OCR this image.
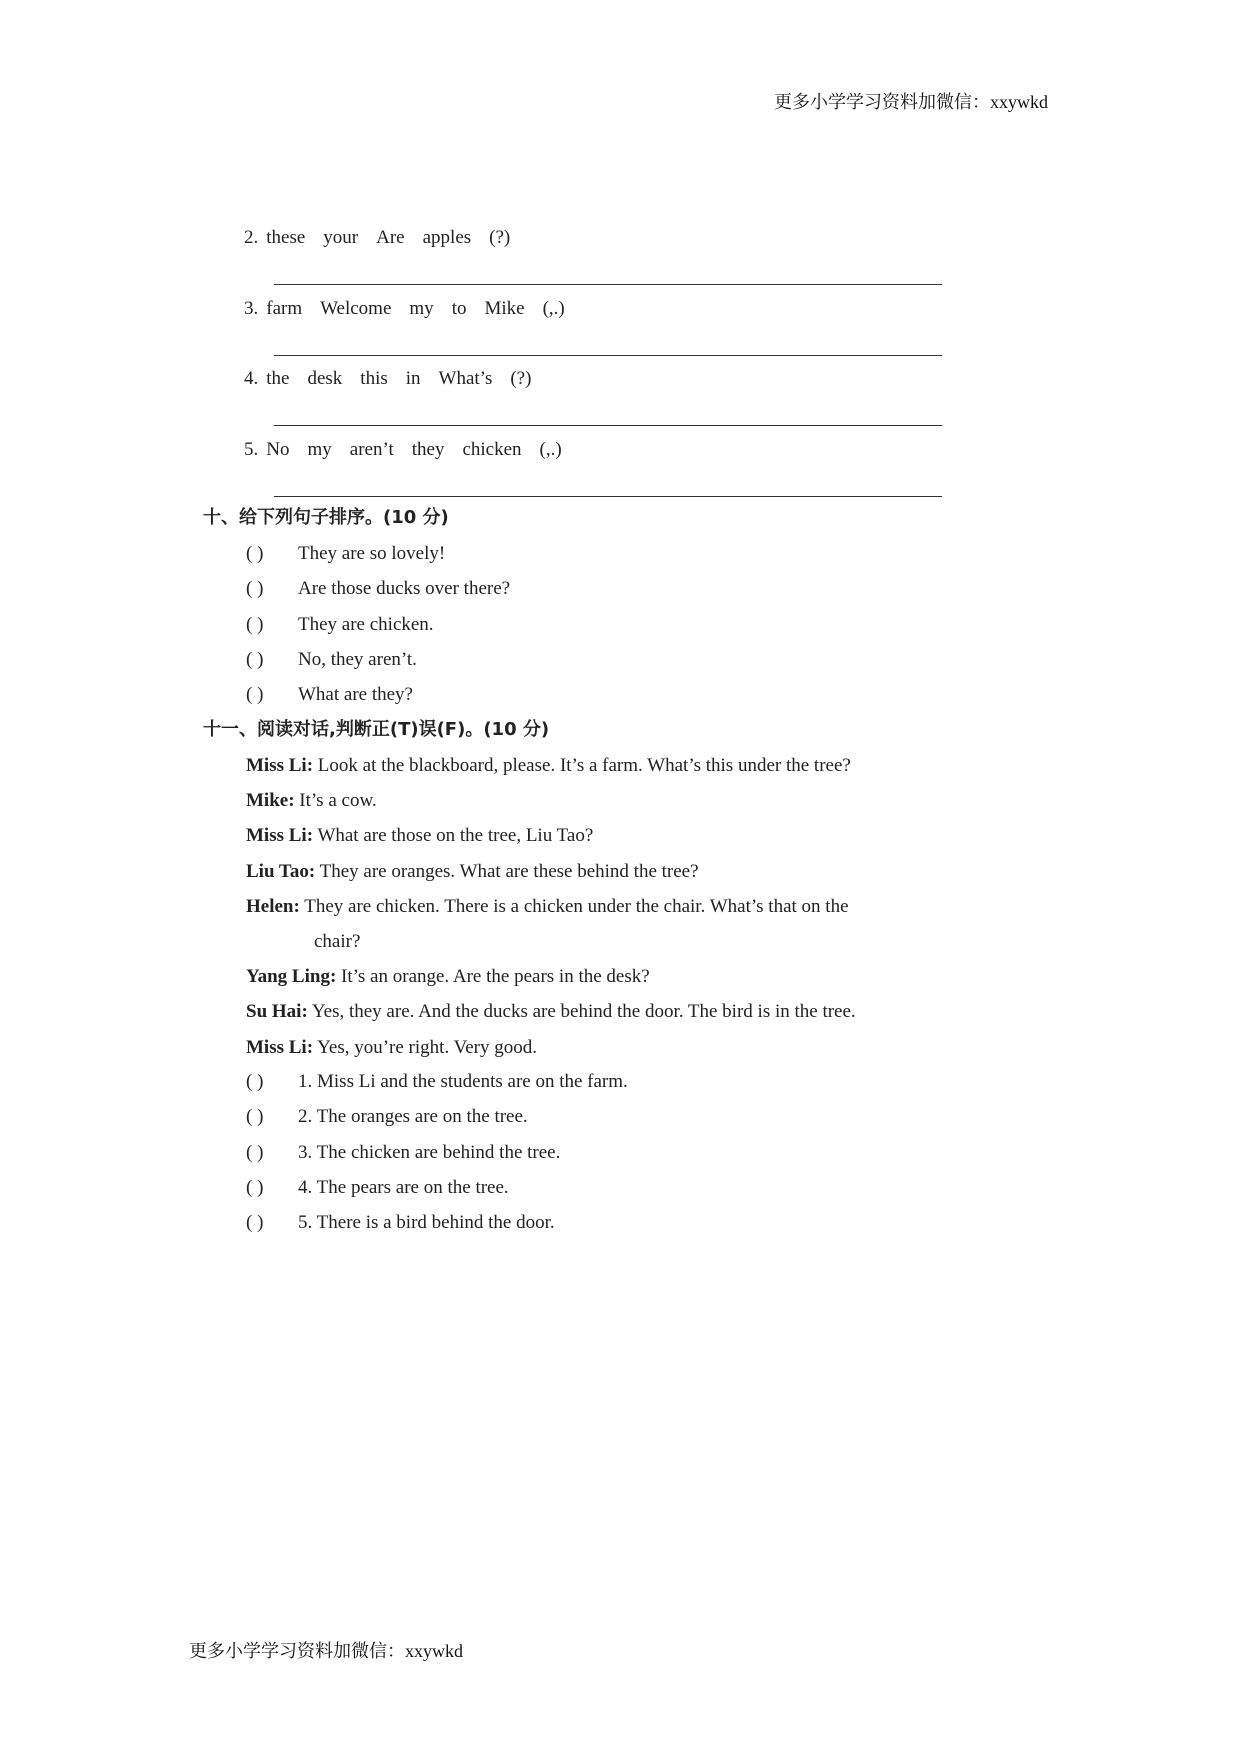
更多小学学习资料加微信：xxywkd
2. these your Are apples (?)
3. farm Welcome my to Mike (,.)
4. the desk this in What’s (?)
5. No my aren’t they chicken (,.)
十、给下列句子排序。(10 分)
( ) They are so lovely!
( ) Are those ducks over there?
( ) They are chicken.
( ) No, they aren’t.
( ) What are they?
十一、阅读对话,判断正(T)误(F)。(10 分)
Miss Li: Look at the blackboard, please. It’s a farm. What’s this under the tree?
Mike: It’s a cow.
Miss Li: What are those on the tree, Liu Tao?
Liu Tao: They are oranges. What are these behind the tree?
Helen: They are chicken. There is a chicken under the chair. What’s that on the
chair?
Yang Ling: It’s an orange. Are the pears in the desk?
Su Hai: Yes, they are. And the ducks are behind the door. The bird is in the tree.
Miss Li: Yes, you’re right. Very good.
( ) 1. Miss Li and the students are on the farm.
( ) 2. The oranges are on the tree.
( ) 3. The chicken are behind the tree.
( ) 4. The pears are on the tree.
( ) 5. There is a bird behind the door.
更多小学学习资料加微信：xxywkd
